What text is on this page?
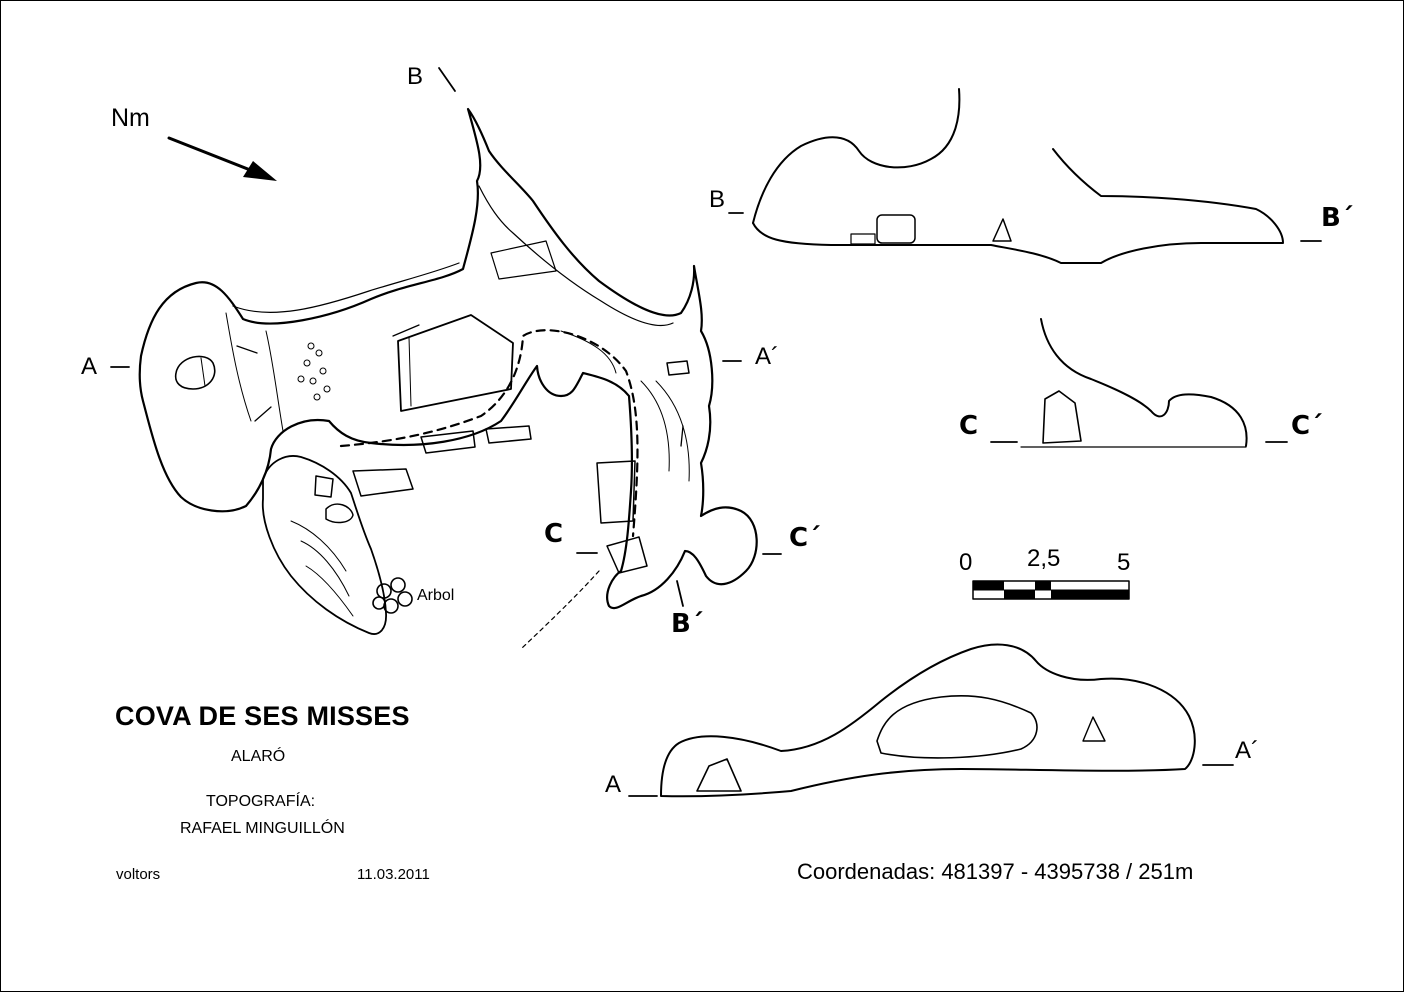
Nm
A	A´
B
B´
C	C´
Arbol
B
B´
C	C´
A
A´
0 2,5 5
COVA DE SES MISSES
ALARÓ
TOPOGRAFÍA:
RAFAEL MINGUILLÓN
voltors	11.03.2011	Coordenadas: 481397 - 4395738 / 251m
